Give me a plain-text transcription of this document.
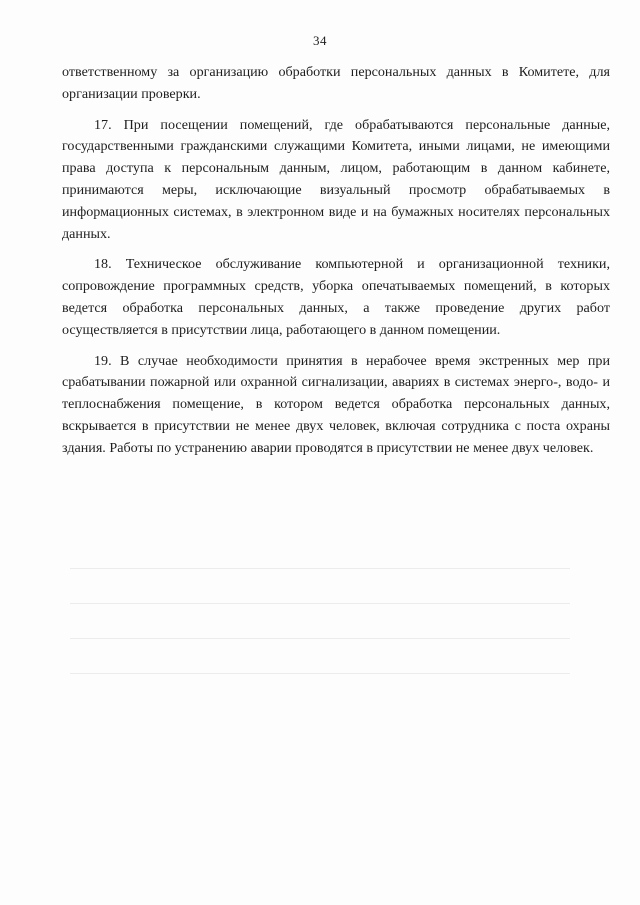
34

ответственному за организацию обработки персональных данных в Комитете, для организации проверки.

17. При посещении помещений, где обрабатываются персональные данные, государственными гражданскими служащими Комитета, иными лицами, не имеющими права доступа к персональным данным, лицом, работающим в данном кабинете, принимаются меры, исключающие визуальный просмотр обрабатываемых в информационных системах, в электронном виде и на бумажных носителях персональных данных.

18. Техническое обслуживание компьютерной и организационной техники, сопровождение программных средств, уборка опечатываемых помещений, в которых ведется обработка персональных данных, а также проведение других работ осуществляется в присутствии лица, работающего в данном помещении.

19. В случае необходимости принятия в нерабочее время экстренных мер при срабатывании пожарной или охранной сигнализации, авариях в системах энерго-, водо- и теплоснабжения помещение, в котором ведется обработка персональных данных, вскрывается в присутствии не менее двух человек, включая сотрудника с поста охраны здания. Работы по устранению аварии проводятся в присутствии не менее двух человек.
